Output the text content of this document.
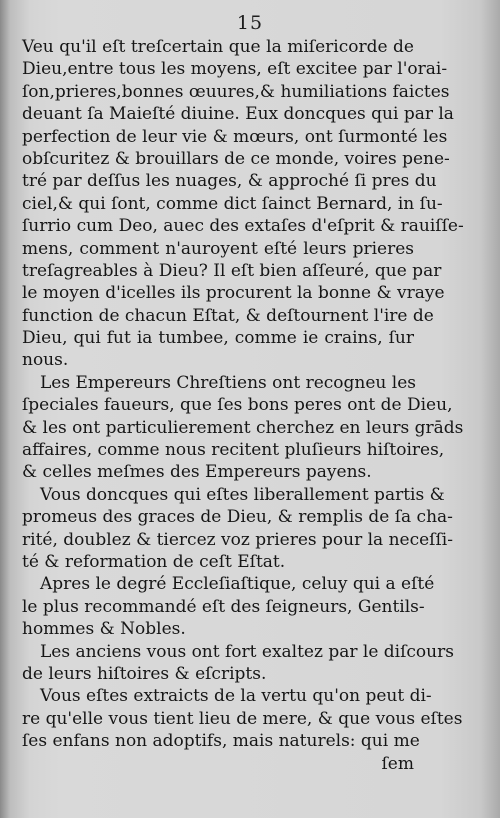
15
Veu qu'il eſt treſcertain que la miſericorde de
Dieu,entre tous les moyens, eſt excitee par l'orai-
ſon,prieres,bonnes œuures,& humiliations faictes
deuant ſa Maieſté diuine. Eux doncques qui par la
perfection de leur vie & mœurs, ont ſurmonté les
obſcuritez & brouillars de ce monde, voires pene-
tré par deſſus les nuages, & approché ſi pres du
ciel,& qui ſont, comme dict ſainct Bernard, in ſu-
ſurrio cum Deo, auec des extaſes d'eſprit & rauiſſe-
mens, comment n'auroyent eſté leurs prieres
treſagreables à Dieu? Il eſt bien aſſeuré, que par
le moyen d'icelles ils procurent la bonne & vraye
function de chacun Eſtat, & deſtournent l'ire de
Dieu, qui fut ia tumbee, comme ie crains, ſur
nous.
Les Empereurs Chreſtiens ont recogneu les
ſpeciales faueurs, que ſes bons peres ont de Dieu,
& les ont particulierement cherchez en leurs grāds
affaires, comme nous recitent pluſieurs hiſtoires,
& celles meſmes des Empereurs payens.
Vous doncques qui eſtes liberallement partis &
promeus des graces de Dieu, & remplis de ſa cha-
rité, doublez & tiercez voz prieres pour la neceſſi-
té & reformation de ceſt Eſtat.
Apres le degré Eccleſiaſtique, celuy qui a eſté
le plus recommandé eſt des ſeigneurs, Gentils-
hommes & Nobles.
Les anciens vous ont fort exaltez par le diſcours
de leurs hiſtoires & eſcripts.
Vous eſtes extraicts de la vertu qu'on peut di-
re qu'elle vous tient lieu de mere, & que vous eſtes
ſes enfans non adoptifs, mais naturels: qui me
ſem
